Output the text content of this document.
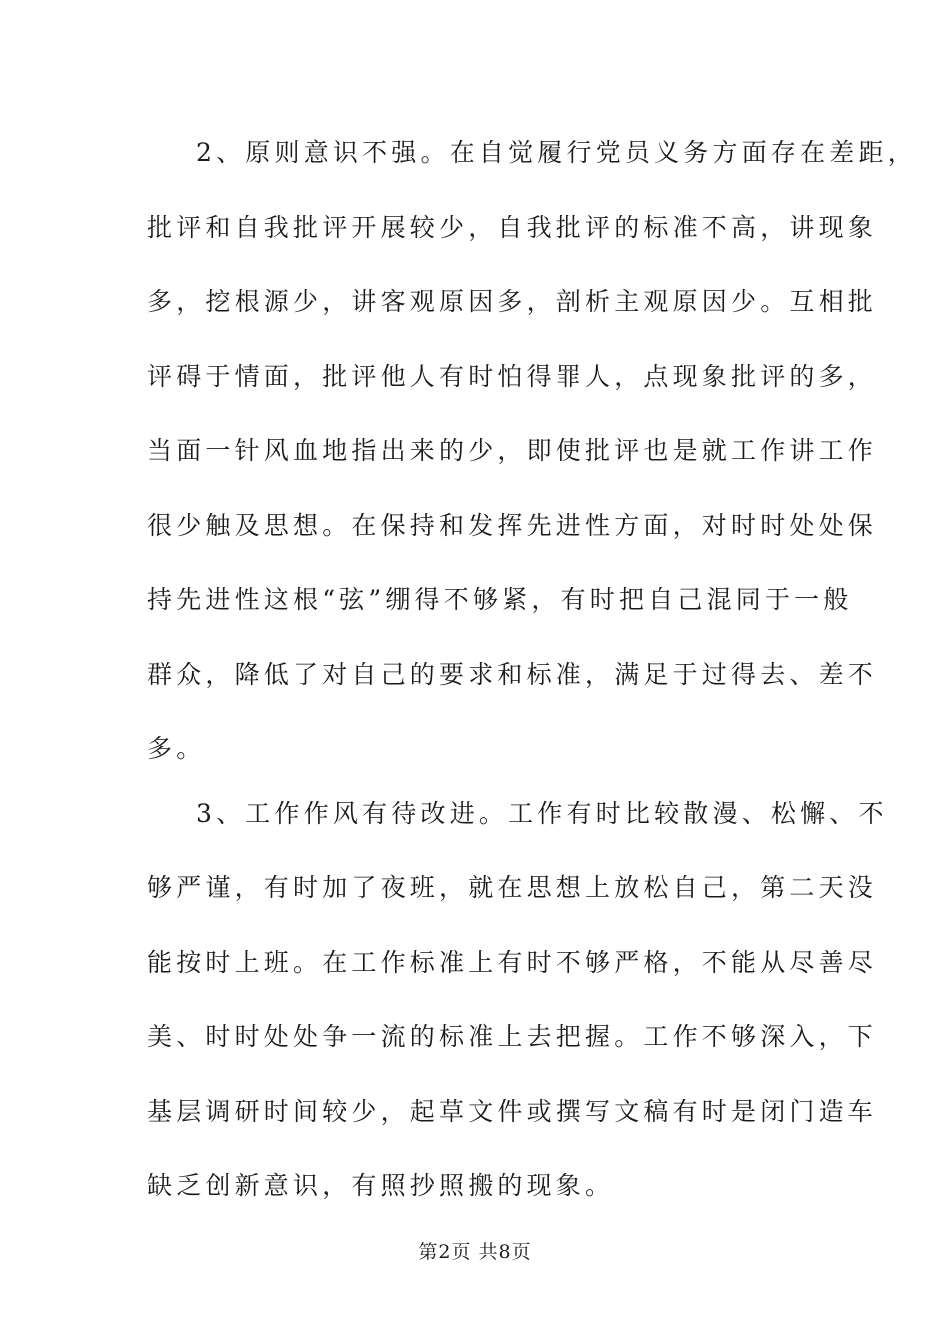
2、原则意识不强。在自觉履行党员义务方面存在差距，
批评和自我批评开展较少，自我批评的标准不高，讲现象
多，挖根源少，讲客观原因多，剖析主观原因少。互相批
评碍于情面，批评他人有时怕得罪人，点现象批评的多，
当面一针风血地指出来的少，即使批评也是就工作讲工作
很少触及思想。在保持和发挥先进性方面，对时时处处保
持先进性这根“弦”绷得不够紧，有时把自己混同于一般
群众，降低了对自己的要求和标准，满足于过得去、差不
多。
3、工作作风有待改进。工作有时比较散漫、松懈、不
够严谨，有时加了夜班，就在思想上放松自己，第二天没
能按时上班。在工作标准上有时不够严格，不能从尽善尽
美、时时处处争一流的标准上去把握。工作不够深入，下
基层调研时间较少，起草文件或撰写文稿有时是闭门造车
缺乏创新意识，有照抄照搬的现象。
第2页 共8页
